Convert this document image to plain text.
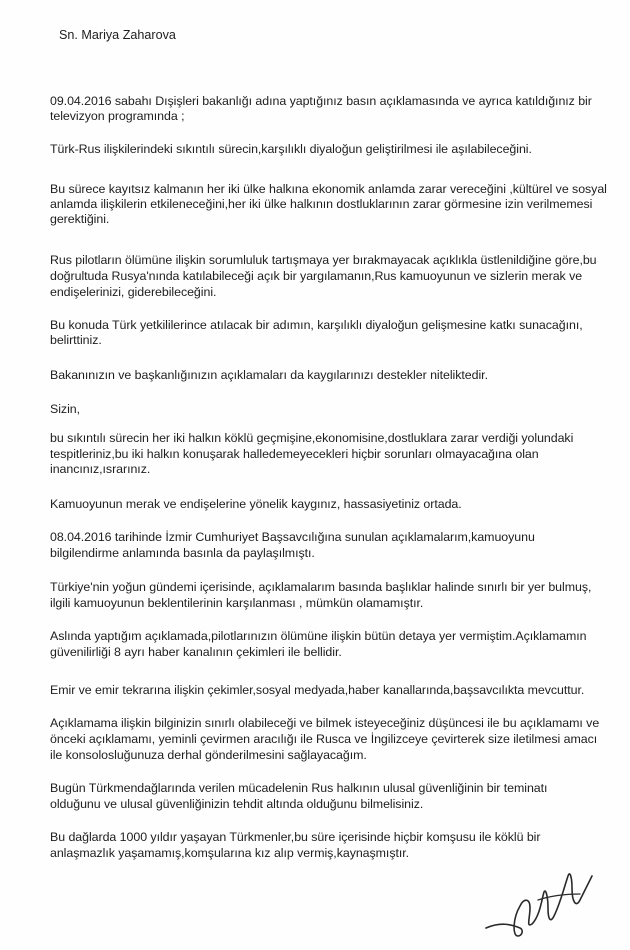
Sn. Mariya Zaharova
09.04.2016 sabahı Dışişleri bakanlığı adına yaptığınız basın açıklamasında ve ayrıca katıldığınız bir
televizyon programında ;
Türk-Rus ilişkilerindeki sıkıntılı sürecin,karşılıklı diyaloğun geliştirilmesi ile aşılabileceğini.
Bu sürece kayıtsız kalmanın her iki ülke halkına ekonomik anlamda zarar vereceğini ,kültürel ve sosyal
anlamda ilişkilerin etkileneceğini,her iki ülke halkının dostluklarının zarar görmesine izin verilmemesi
gerektiğini.
Rus pilotların ölümüne ilişkin sorumluluk tartışmaya yer bırakmayacak açıklıkla üstlenildiğine göre,bu
doğrultuda Rusya'nında katılabileceği açık bir yargılamanın,Rus kamuoyunun ve sizlerin merak ve
endişelerinizi, giderebileceğini.
Bu konuda Türk yetkililerince atılacak bir adımın, karşılıklı diyaloğun gelişmesine katkı sunacağını,
belirttiniz.
Bakanınızın ve başkanlığınızın açıklamaları da kaygılarınızı destekler niteliktedir.
Sizin,
bu sıkıntılı sürecin her iki halkın köklü geçmişine,ekonomisine,dostluklara zarar verdiği yolundaki
tespitleriniz,bu iki halkın konuşarak halledemeyecekleri hiçbir sorunları olmayacağına olan
inancınız,ısrarınız.
Kamuoyunun merak ve endişelerine yönelik kaygınız, hassasiyetiniz ortada.
08.04.2016 tarihinde İzmir Cumhuriyet Başsavcılığına sunulan açıklamalarım,kamuoyunu
bilgilendirme anlamında basınla da paylaşılmıştı.
Türkiye'nin yoğun gündemi içerisinde, açıklamalarım basında başlıklar halinde sınırlı bir yer bulmuş,
ilgili kamuoyunun beklentilerinin karşılanması , mümkün olamamıştır.
Aslında yaptığım açıklamada,pilotlarınızın ölümüne ilişkin bütün detaya yer vermiştim.Açıklamamın
güvenilirliği 8 ayrı haber kanalının çekimleri ile bellidir.
Emir ve emir tekrarına ilişkin çekimler,sosyal medyada,haber kanallarında,başsavcılıkta mevcuttur.
Açıklamama ilişkin bilginizin sınırlı olabileceği ve bilmek isteyeceğiniz düşüncesi ile bu açıklamamı ve
önceki açıklamamı, yeminli çevirmen aracılığı ile Rusca ve İngilizceye çevirterek size iletilmesi amacı
ile konsolosluğunuza derhal gönderilmesini sağlayacağım.
Bugün Türkmendağlarında verilen mücadelenin Rus halkının ulusal güvenliğinin bir teminatı
olduğunu ve ulusal güvenliğinizin tehdit altında olduğunu bilmelisiniz.
Bu dağlarda 1000 yıldır yaşayan Türkmenler,bu süre içerisinde hiçbir komşusu ile köklü bir
anlaşmazlık yaşamamış,komşularına kız alıp vermiş,kaynaşmıştır.
